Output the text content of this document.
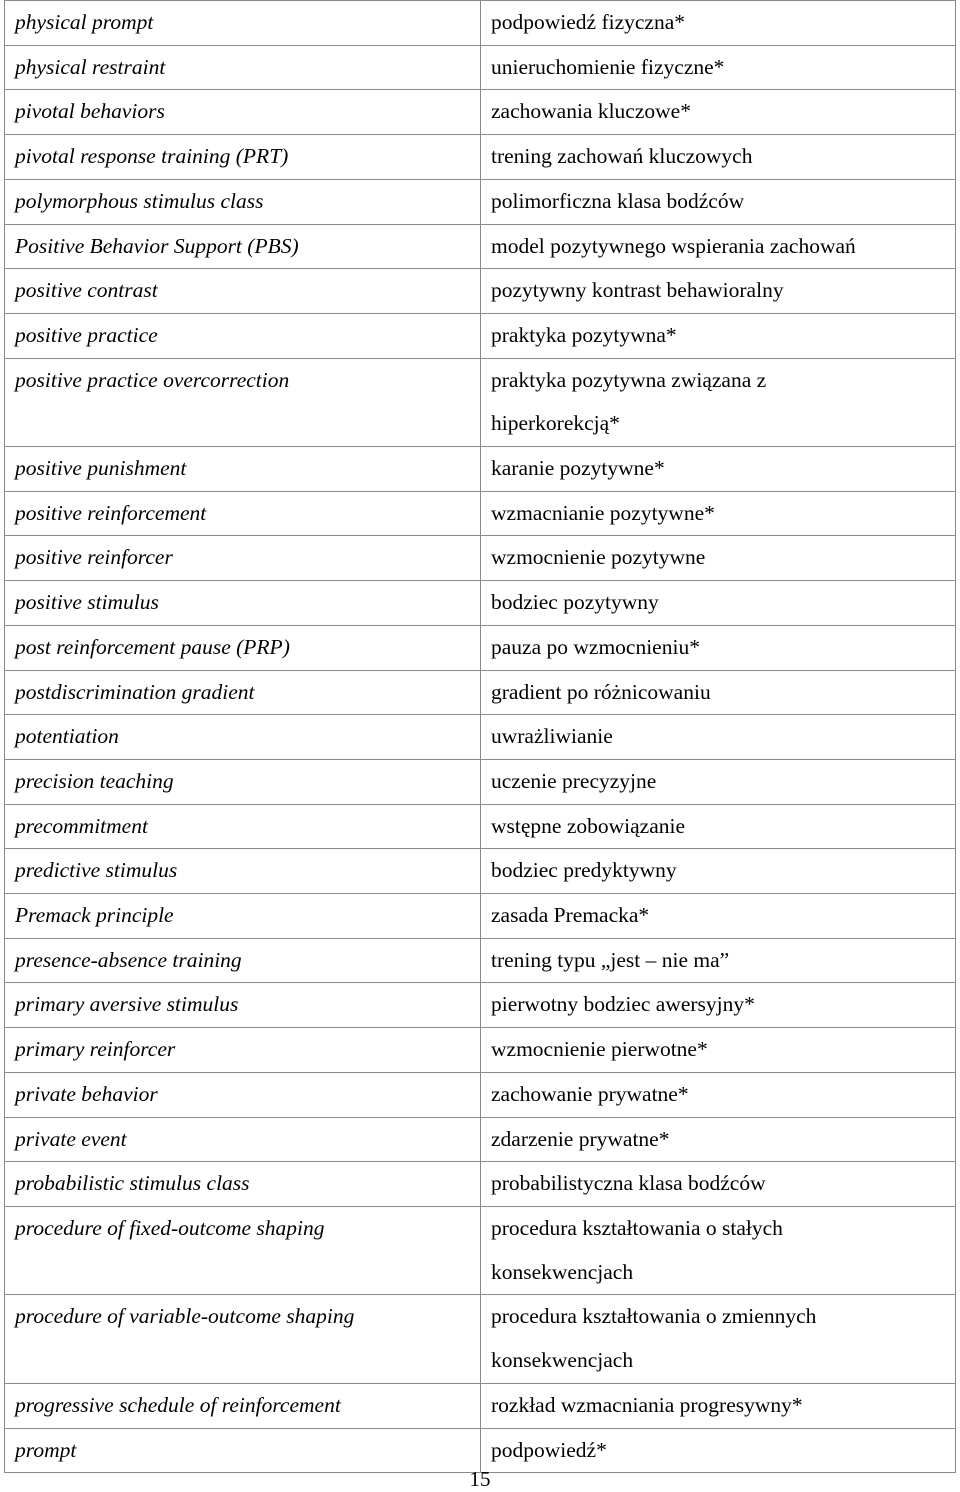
physical prompt	podpowiedź fizyczna*
physical restraint	unieruchomienie fizyczne*
pivotal behaviors	zachowania kluczowe*
pivotal response training (PRT)	trening zachowań kluczowych
polymorphous stimulus class	polimorficzna klasa bodźców
Positive Behavior Support (PBS)	model pozytywnego wspierania zachowań
positive contrast	pozytywny kontrast behawioralny
positive practice	praktyka pozytywna*
positive practice overcorrection	praktyka pozytywna związana z
hiperkorekcją*
positive punishment	karanie pozytywne*
positive reinforcement	wzmacnianie pozytywne*
positive reinforcer	wzmocnienie pozytywne
positive stimulus	bodziec pozytywny
post reinforcement pause (PRP)	pauza po wzmocnieniu*
postdiscrimination gradient	gradient po różnicowaniu
potentiation	uwrażliwianie
precision teaching	uczenie precyzyjne
precommitment	wstępne zobowiązanie
predictive stimulus	bodziec predyktywny
Premack principle	zasada Premacka*
presence-absence training	trening typu „jest – nie ma”
primary aversive stimulus	pierwotny bodziec awersyjny*
primary reinforcer	wzmocnienie pierwotne*
private behavior	zachowanie prywatne*
private event	zdarzenie prywatne*
probabilistic stimulus class	probabilistyczna klasa bodźców
procedure of fixed-outcome shaping	procedura kształtowania o stałych
konsekwencjach
procedure of variable-outcome shaping	procedura kształtowania o zmiennych
konsekwencjach
progressive schedule of reinforcement	rozkład wzmacniania progresywny*
prompt	podpowiedź*
15
